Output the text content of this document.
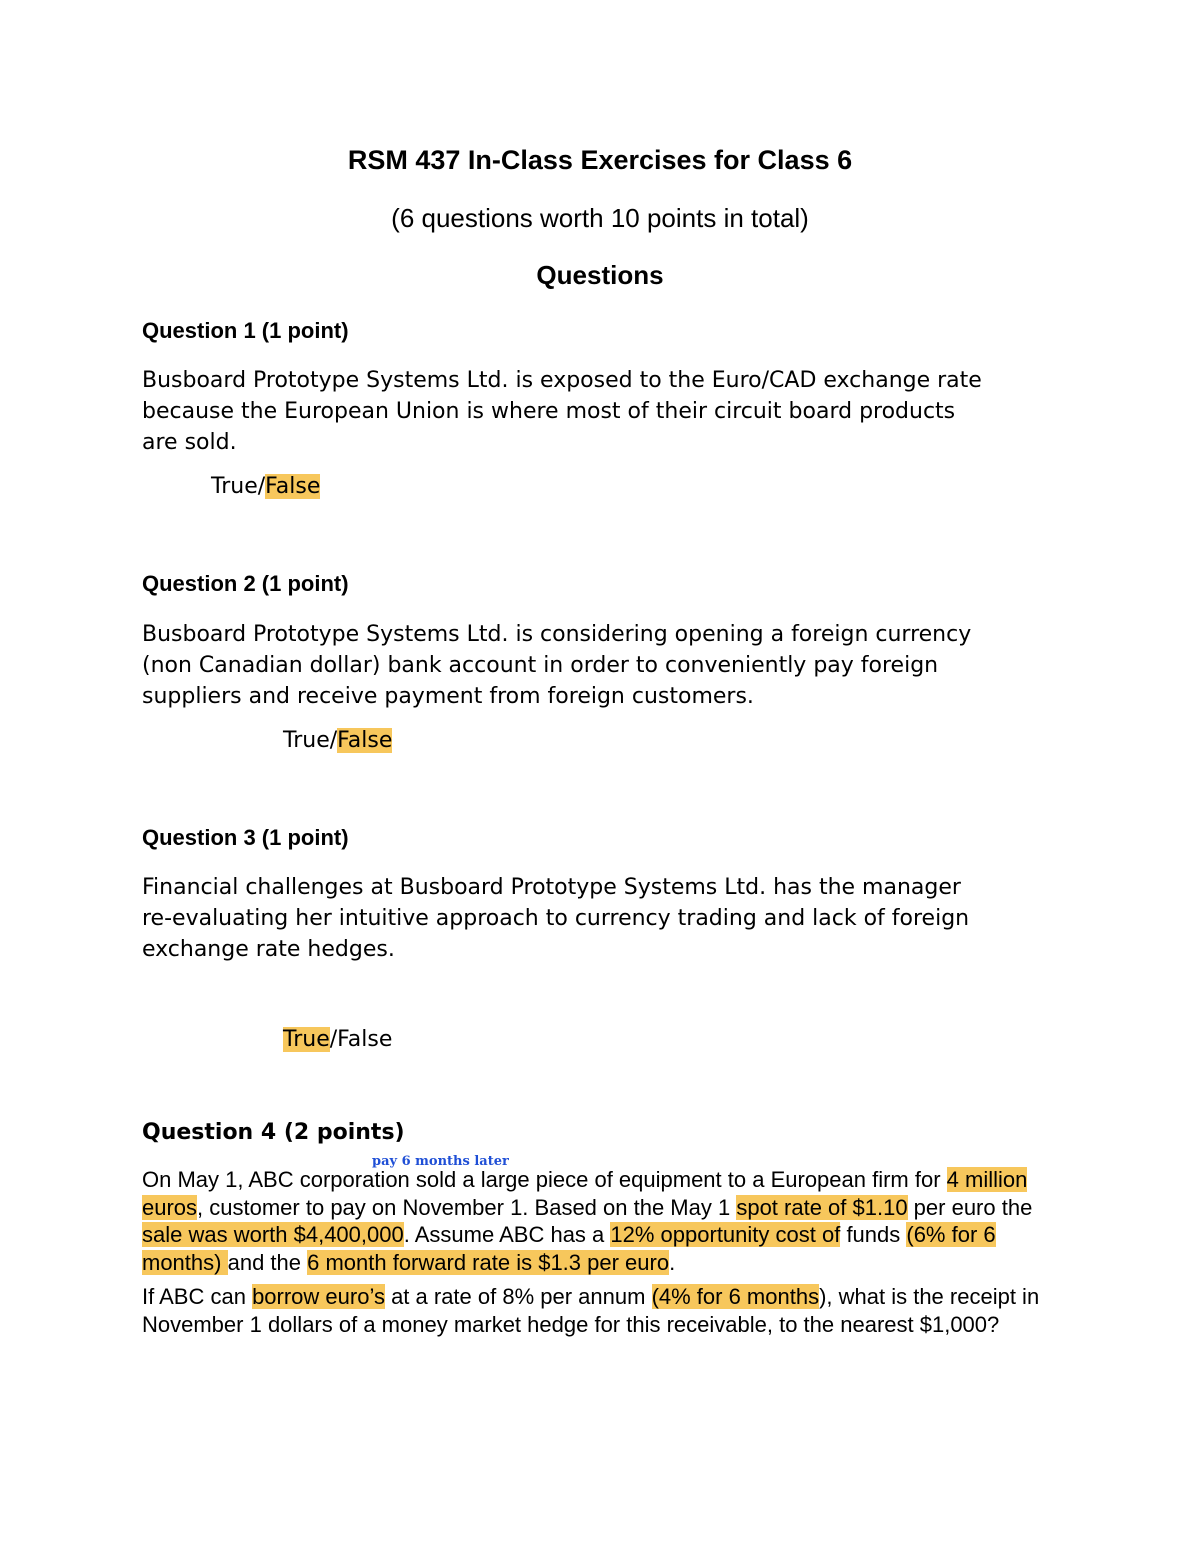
RSM 437 In-Class Exercises for Class 6

(6 questions worth 10 points in total)

Questions

Question 1 (1 point)

Busboard Prototype Systems Ltd. is exposed to the Euro/CAD exchange rate

because the European Union is where most of their circuit board products

are sold.

True/False

Question 2 (1 point)

Busboard Prototype Systems Ltd. is considering opening a foreign currency

(non Canadian dollar) bank account in order to conveniently pay foreign

suppliers and receive payment from foreign customers.

True/False

Question 3 (1 point)

Financial challenges at Busboard Prototype Systems Ltd. has the manager

re-evaluating her intuitive approach to currency trading and lack of foreign

exchange rate hedges.

True/False

Question 4 (2 points)

pay 6 months later

On May 1, ABC corporation sold a large piece of equipment to a European firm for 4 million euros, customer to pay on November 1. Based on the May 1 spot rate of $1.10 per euro the sale was worth $4,400,000. Assume ABC has a 12% opportunity cost of funds (6% for 6 months) and the 6 month forward rate is $1.3 per euro.

If ABC can borrow euro’s at a rate of 8% per annum (4% for 6 months), what is the receipt in November 1 dollars of a money market hedge for this receivable, to the nearest $1,000?
